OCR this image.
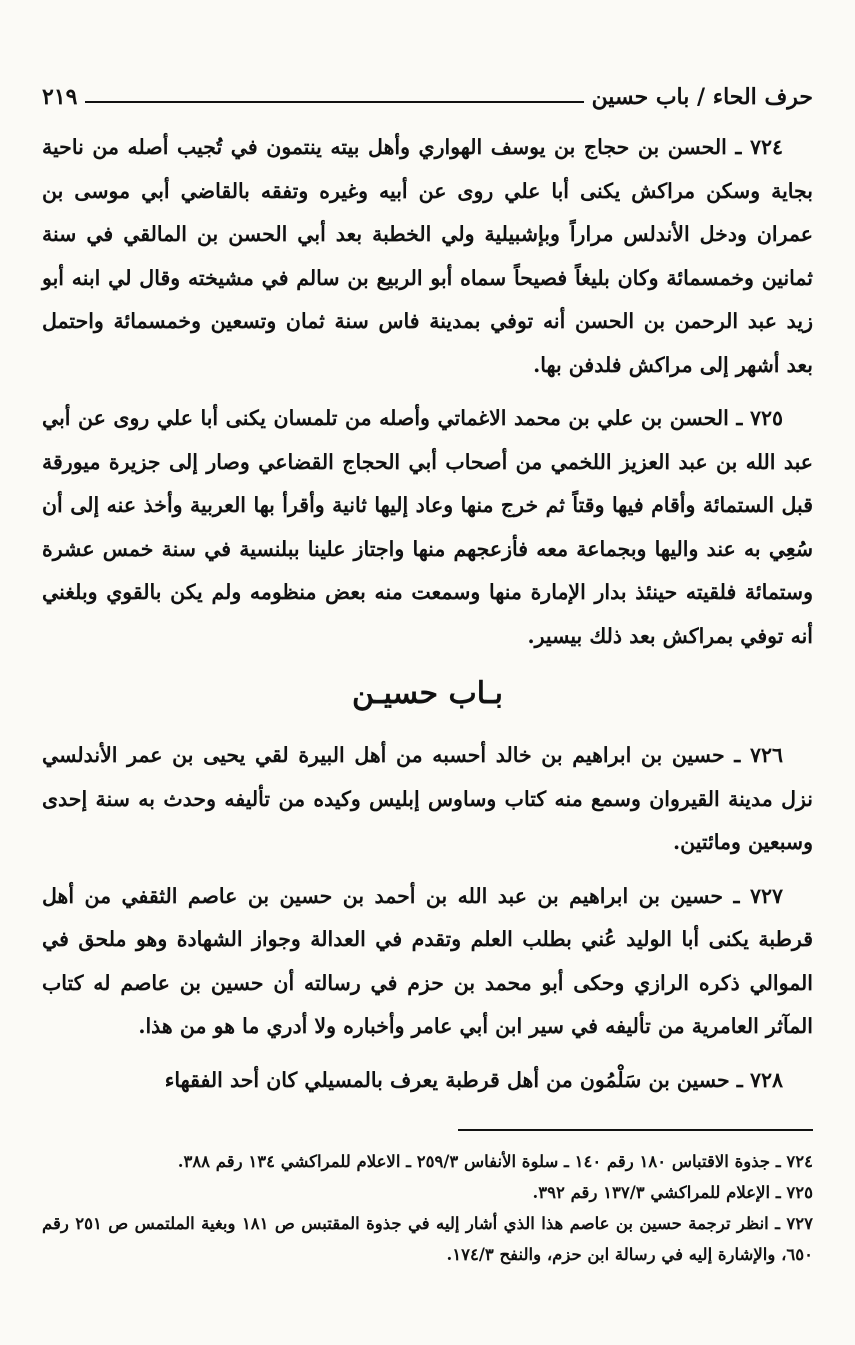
حرف الحاء / باب حسين
٢١٩

٧٢٤ ـ الحسن بن حجاج بن يوسف الهواري وأهل بيته ينتمون في تُجيب أصله من ناحية بجاية وسكن مراكش يكنى أبا علي روى عن أبيه وغيره وتفقه بالقاضي أبي موسى بن عمران ودخل الأندلس مراراً وبإشبيلية ولي الخطبة بعد أبي الحسن بن المالقي في سنة ثمانين وخمسمائة وكان بليغاً فصيحاً سماه أبو الربيع بن سالم في مشيخته وقال لي ابنه أبو زيد عبد الرحمن بن الحسن أنه توفي بمدينة فاس سنة ثمان وتسعين وخمسمائة واحتمل بعد أشهر إلى مراكش فلدفن بها.

٧٢٥ ـ الحسن بن علي بن محمد الاغماتي وأصله من تلمسان يكنى أبا علي روى عن أبي عبد الله بن عبد العزيز اللخمي من أصحاب أبي الحجاج القضاعي وصار إلى جزيرة ميورقة قبل الستمائة وأقام فيها وقتاً ثم خرج منها وعاد إليها ثانية وأقرأ بها العربية وأخذ عنه إلى أن سُعِي به عند واليها وبجماعة معه فأزعجهم منها واجتاز علينا ببلنسية في سنة خمس عشرة وستمائة فلقيته حينئذ بدار الإمارة منها وسمعت منه بعض منظومه ولم يكن بالقوي وبلغني أنه توفي بمراكش بعد ذلك بيسير.

بـاب حسيـن

٧٢٦ ـ حسين بن ابراهيم بن خالد أحسبه من أهل البيرة لقي يحيى بن عمر الأندلسي نزل مدينة القيروان وسمع منه كتاب وساوس إبليس وكيده من تأليفه وحدث به سنة إحدى وسبعين ومائتين.

٧٢٧ ـ حسين بن ابراهيم بن عبد الله بن أحمد بن حسين بن عاصم الثقفي من أهل قرطبة يكنى أبا الوليد عُني بطلب العلم وتقدم في العدالة وجواز الشهادة وهو ملحق في الموالي ذكره الرازي وحكى أبو محمد بن حزم في رسالته أن حسين بن عاصم له كتاب المآثر العامرية من تأليفه في سير ابن أبي عامر وأخباره ولا أدري ما هو من هذا.

٧٢٨ ـ حسين بن سَلْمُون من أهل قرطبة يعرف بالمسيلي كان أحد الفقهاء

٧٢٤ ـ جذوة الاقتباس ١٨٠ رقم ١٤٠ ـ سلوة الأنفاس ٢٥٩/٣ ـ الاعلام للمراكشي ١٣٤ رقم ٣٨٨.

٧٢٥ ـ الإعلام للمراكشي ١٣٧/٣ رقم ٣٩٢.

٧٢٧ ـ انظر ترجمة حسين بن عاصم هذا الذي أشار إليه في جذوة المقتبس ص ١٨١ وبغية الملتمس ص ٢٥١ رقم ٦٥٠، والإشارة إليه في رسالة ابن حزم، والنفح ١٧٤/٣.
